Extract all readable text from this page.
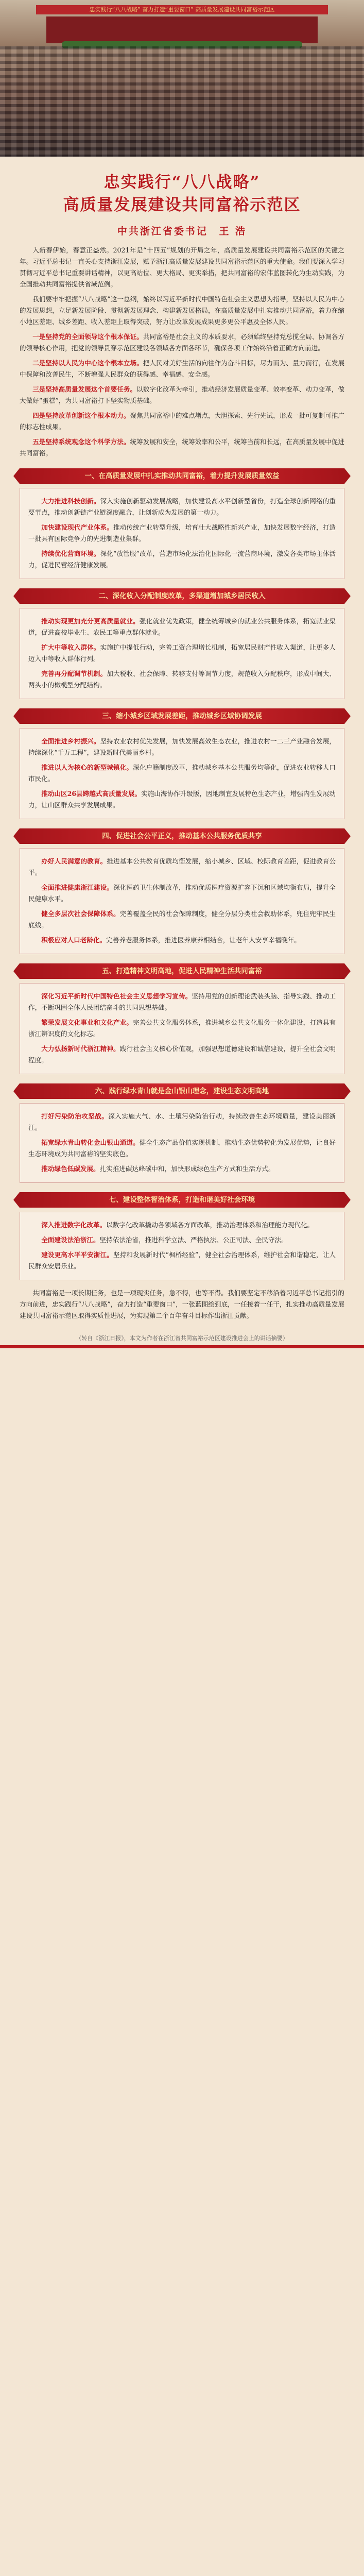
忠实践行“八八战略” 奋力打造“重要窗口” 高质量发展建设共同富裕示范区
忠实践行“八八战略”
高质量发展建设共同富裕示范区
中共浙江省委书记 王 浩

入新春伊始，春意正盎然。2021年是“十四五”规划的开局之年，高质量发展建设共同富裕示范区的关键之年。习近平总书记一直关心支持浙江发展，赋予浙江高质量发展建设共同富裕示范区的重大使命。我们要深入学习贯彻习近平总书记重要讲话精神，以更高站位、更大格局、更实举措，把共同富裕的宏伟蓝图转化为生动实践，为全国推动共同富裕提供省域范例。

我们要牢牢把握“八八战略”这一总纲，始终以习近平新时代中国特色社会主义思想为指导，坚持以人民为中心的发展思想，立足新发展阶段、贯彻新发展理念、构建新发展格局，在高质量发展中扎实推动共同富裕，着力在缩小地区差距、城乡差距、收入差距上取得突破，努力让改革发展成果更多更公平惠及全体人民。

一是坚持党的全面领导这个根本保证。共同富裕是社会主义的本质要求，必须始终坚持党总揽全局、协调各方的领导核心作用，把党的领导贯穿示范区建设各领域各方面各环节，确保各项工作始终沿着正确方向前进。

二是坚持以人民为中心这个根本立场。把人民对美好生活的向往作为奋斗目标，尽力而为、量力而行，在发展中保障和改善民生，不断增强人民群众的获得感、幸福感、安全感。

三是坚持高质量发展这个首要任务。以数字化改革为牵引，推动经济发展质量变革、效率变革、动力变革，做大做好“蛋糕”，为共同富裕打下坚实物质基础。

四是坚持改革创新这个根本动力。聚焦共同富裕中的难点堵点，大胆探索、先行先试，形成一批可复制可推广的标志性成果。

五是坚持系统观念这个科学方法。统筹发展和安全，统筹效率和公平，统筹当前和长远，在高质量发展中促进共同富裕。

一、在高质量发展中扎实推动共同富裕，着力提升发展质量效益

大力推进科技创新。深入实施创新驱动发展战略，加快建设高水平创新型省份，打造全球创新网络的重要节点，推动创新链产业链深度融合，让创新成为发展的第一动力。

加快建设现代产业体系。推动传统产业转型升级，培育壮大战略性新兴产业，加快发展数字经济，打造一批具有国际竞争力的先进制造业集群。

持续优化营商环境。深化“放管服”改革，营造市场化法治化国际化一流营商环境，激发各类市场主体活力，促进民营经济健康发展。

二、深化收入分配制度改革，多渠道增加城乡居民收入

推动实现更加充分更高质量就业。强化就业优先政策，健全统筹城乡的就业公共服务体系，拓宽就业渠道，促进高校毕业生、农民工等重点群体就业。

扩大中等收入群体。实施扩中提低行动，完善工资合理增长机制，拓宽居民财产性收入渠道，让更多人迈入中等收入群体行列。

完善再分配调节机制。加大税收、社会保障、转移支付等调节力度，规范收入分配秩序，形成中间大、两头小的橄榄型分配结构。

三、缩小城乡区域发展差距，推动城乡区域协调发展

全面推进乡村振兴。坚持农业农村优先发展，加快发展高效生态农业，推进农村一二三产业融合发展，持续深化“千万工程”，建设新时代美丽乡村。

推进以人为核心的新型城镇化。深化户籍制度改革，推动城乡基本公共服务均等化，促进农业转移人口市民化。

推动山区26县跨越式高质量发展。实施山海协作升级版，因地制宜发展特色生态产业，增强内生发展动力，让山区群众共享发展成果。

四、促进社会公平正义，推动基本公共服务优质共享

办好人民满意的教育。推进基本公共教育优质均衡发展，缩小城乡、区域、校际教育差距，促进教育公平。

全面推进健康浙江建设。深化医药卫生体制改革，推动优质医疗资源扩容下沉和区域均衡布局，提升全民健康水平。

健全多层次社会保障体系。完善覆盖全民的社会保障制度，健全分层分类社会救助体系，兜住兜牢民生底线。

积极应对人口老龄化。完善养老服务体系，推进医养康养相结合，让老年人安享幸福晚年。

五、打造精神文明高地，促进人民精神生活共同富裕

深化习近平新时代中国特色社会主义思想学习宣传。坚持用党的创新理论武装头脑、指导实践、推动工作，不断巩固全体人民团结奋斗的共同思想基础。

繁荣发展文化事业和文化产业。完善公共文化服务体系，推进城乡公共文化服务一体化建设，打造具有浙江辨识度的文化标志。

大力弘扬新时代浙江精神。践行社会主义核心价值观，加强思想道德建设和诚信建设，提升全社会文明程度。

六、践行绿水青山就是金山银山理念，建设生态文明高地

打好污染防治攻坚战。深入实施大气、水、土壤污染防治行动，持续改善生态环境质量，建设美丽浙江。

拓宽绿水青山转化金山银山通道。健全生态产品价值实现机制，推动生态优势转化为发展优势，让良好生态环境成为共同富裕的坚实底色。

推动绿色低碳发展。扎实推进碳达峰碳中和，加快形成绿色生产方式和生活方式。

七、建设整体智治体系，打造和谐美好社会环境

深入推进数字化改革。以数字化改革撬动各领域各方面改革，推动治理体系和治理能力现代化。

全面建设法治浙江。坚持依法治省，推进科学立法、严格执法、公正司法、全民守法。

建设更高水平平安浙江。坚持和发展新时代“枫桥经验”，健全社会治理体系，维护社会和谐稳定，让人民群众安居乐业。

共同富裕是一项长期任务，也是一项现实任务，急不得，也等不得。我们要坚定不移沿着习近平总书记指引的方向前进，忠实践行“八八战略”，奋力打造“重要窗口”，一张蓝图绘到底，一任接着一任干，扎实推动高质量发展建设共同富裕示范区取得实质性进展，为实现第二个百年奋斗目标作出浙江贡献。

（转自《浙江日报》，本文为作者在浙江省共同富裕示范区建设推进会上的讲话摘要）
